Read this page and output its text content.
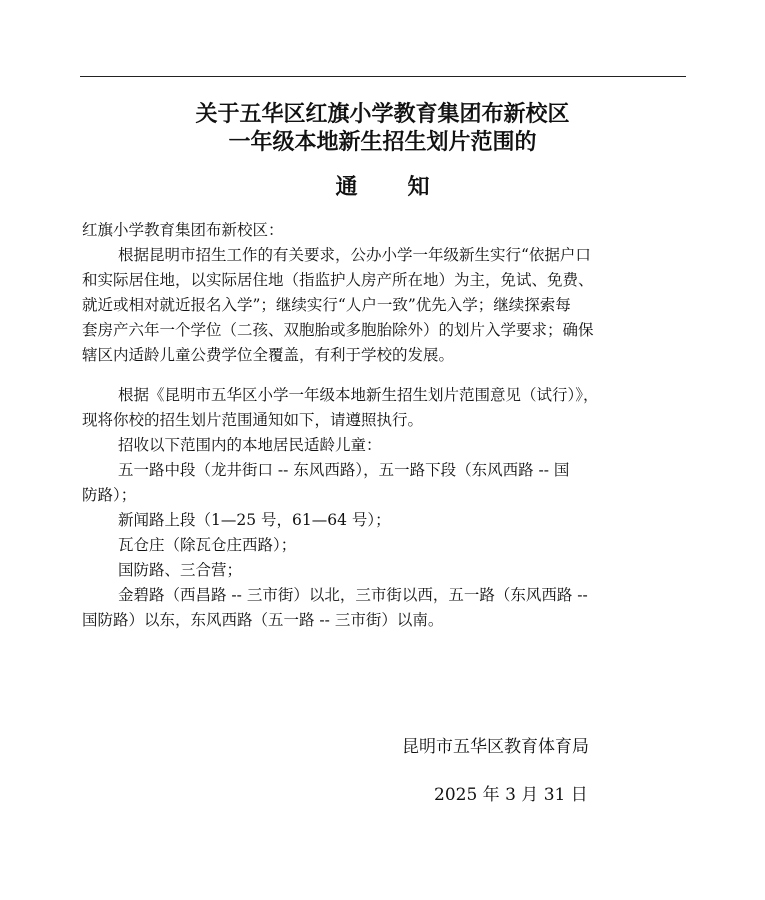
关于五华区红旗小学教育集团布新校区
一年级本地新生招生划片范围的
通知
红旗小学教育集团布新校区：
根据昆明市招生工作的有关要求，公办小学一年级新生实行“依据户口
和实际居住地，以实际居住地（指监护人房产所在地）为主，免试、免费、
就近或相对就近报名入学”；继续实行“人户一致”优先入学；继续探索每
套房产六年一个学位（二孩、双胞胎或多胞胎除外）的划片入学要求；确保
辖区内适龄儿童公费学位全覆盖，有利于学校的发展。
根据《昆明市五华区小学一年级本地新生招生划片范围意见（试行）》，
现将你校的招生划片范围通知如下，请遵照执行。
招收以下范围内的本地居民适龄儿童：
五一路中段（龙井街口 -- 东风西路），五一路下段（东风西路 -- 国
防路）；
新闻路上段（1—25 号，61—64 号）；
瓦仓庄（除瓦仓庄西路）；
国防路、三合营；
金碧路（西昌路 -- 三市街）以北，三市街以西，五一路（东风西路 --
国防路）以东，东风西路（五一路 -- 三市街）以南。
昆明市五华区教育体育局
2025 年 3 月 31 日
